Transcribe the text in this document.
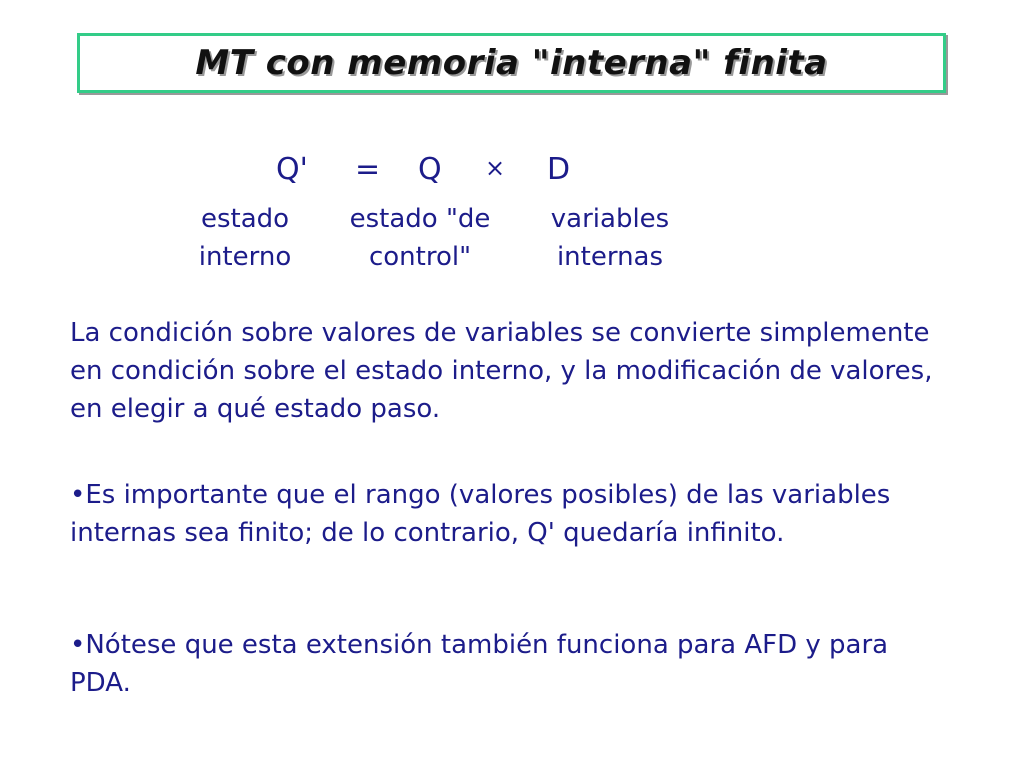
MT con memoria "interna" finita
Q' = Q × D
estado
interno
estado "de
control"
variables
internas

La condición sobre valores de variables se convierte simplemente en condición sobre el estado interno, y la modificación de valores, en elegir a qué estado paso.

•Es importante que el rango (valores posibles) de las variables internas sea finito; de lo contrario, Q' quedaría infinito.

•Nótese que esta extensión también funciona para AFD y para PDA.
